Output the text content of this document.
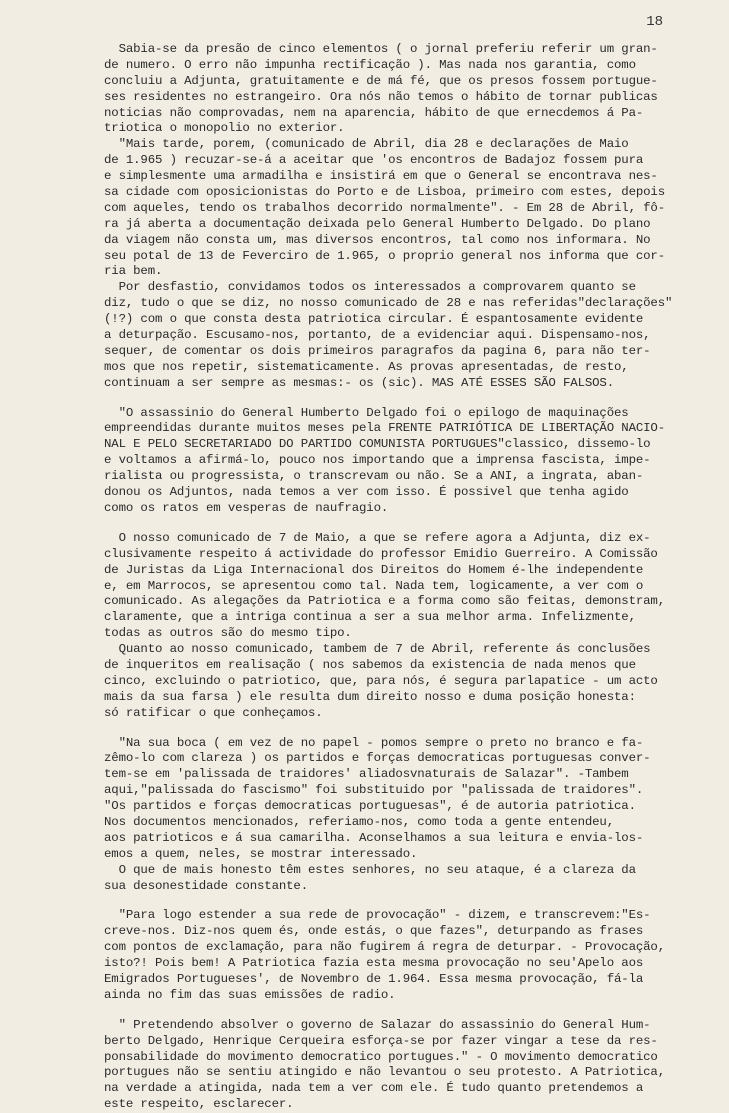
18
Sabia-se da presão de cinco elementos ( o jornal preferiu referir um gran-
de numero. O erro não impunha rectificação ). Mas nada nos garantia, como
concluiu a Adjunta, gratuitamente e de má fé, que os presos fossem portugue-
ses residentes no estrangeiro. Ora nós não temos o hábito de tornar publicas
noticias não comprovadas, nem na aparencia, hábito de que ernecdemos á Pa-
triotica o monopolio no exterior.
"Mais tarde, porem, (comunicado de Abril, dia 28 e declarações de Maio
de 1.965 ) recuzar-se-á a aceitar que 'os encontros de Badajoz fossem pura
e simplesmente uma armadilha e insistirá em que o General se encontrava nes-
sa cidade com oposicionistas do Porto e de Lisboa, primeiro com estes, depois
com aqueles, tendo os trabalhos decorrido normalmente". - Em 28 de Abril, fô-
ra já aberta a documentação deixada pelo General Humberto Delgado. Do plano
da viagem não consta um, mas diversos encontros, tal como nos informara. No
seu potal de 13 de Feverciro de 1.965, o proprio general nos informa que cor-
ria bem.
Por desfastio, convidamos todos os interessados a comprovarem quanto se
diz, tudo o que se diz, no nosso comunicado de 28 e nas referidas"declarações"
(!?) com o que consta desta patriotica circular. É espantosamente evidente
a deturpação. Escusamo-nos, portanto, de a evidenciar aqui. Dispensamo-nos,
sequer, de comentar os dois primeiros paragrafos da pagina 6, para não ter-
mos que nos repetir, sistematicamente. As provas apresentadas, de resto,
continuam a ser sempre as mesmas:- os (sic). MAS ATÉ ESSES SÃO FALSOS.
"O assassinio do General Humberto Delgado foi o epilogo de maquinações
empreendidas durante muitos meses pela FRENTE PATRIÓTICA DE LIBERTAÇÃO NACIO-
NAL E PELO SECRETARIADO DO PARTIDO COMUNISTA PORTUGUES"classico, dissemo-lo
e voltamos a afirmá-lo, pouco nos importando que a imprensa fascista, impe-
rialista ou progressista, o transcrevam ou não. Se a ANI, a ingrata, aban-
donou os Adjuntos, nada temos a ver com isso. É possivel que tenha agido
como os ratos em vesperas de naufragio.
O nosso comunicado de 7 de Maio, a que se refere agora a Adjunta, diz ex-
clusivamente respeito á actividade do professor Emidio Guerreiro. A Comissão
de Juristas da Liga Internacional dos Direitos do Homem é-lhe independente
e, em Marrocos, se apresentou como tal. Nada tem, logicamente, a ver com o
comunicado. As alegações da Patriotica e a forma como são feitas, demonstram,
claramente, que a intriga continua a ser a sua melhor arma. Infelizmente,
todas as outros são do mesmo tipo.
Quanto ao nosso comunicado, tambem de 7 de Abril, referente ás conclusões
de inqueritos em realisação ( nos sabemos da existencia de nada menos que
cinco, excluindo o patriotico, que, para nós, é segura parlapatice - um acto
mais da sua farsa ) ele resulta dum direito nosso e duma posição honesta:
só ratificar o que conheçamos.
"Na sua boca ( em vez de no papel - pomos sempre o preto no branco e fa-
zêmo-lo com clareza ) os partidos e forças democraticas portuguesas conver-
tem-se em 'palissada de traidores' aliadosvnaturais de Salazar". -Tambem
aqui,"palissada do fascismo" foi substituido por "palissada de traidores".
"Os partidos e forças democraticas portuguesas", é de autoria patriotica.
Nos documentos mencionados, referiamo-nos, como toda a gente entendeu,
aos patrioticos e á sua camarilha. Aconselhamos a sua leitura e envia-los-
emos a quem, neles, se mostrar interessado.
O que de mais honesto têm estes senhores, no seu ataque, é a clareza da
sua desonestidade constante.
"Para logo estender a sua rede de provocação" - dizem, e transcrevem:"Es-
creve-nos. Diz-nos quem és, onde estás, o que fazes", deturpando as frases
com pontos de exclamação, para não fugirem á regra de deturpar. - Provocação,
isto?! Pois bem! A Patriotica fazia esta mesma provocação no seu'Apelo aos
Emigrados Portugueses', de Novembro de 1.964. Essa mesma provocação, fá-la
ainda no fim das suas emissões de radio.
" Pretendendo absolver o governo de Salazar do assassinio do General Hum-
berto Delgado, Henrique Cerqueira esforça-se por fazer vingar a tese da res-
ponsabilidade do movimento democratico portugues." - O movimento democratico
portugues não se sentiu atingido e não levantou o seu protesto. A Patriotica,
na verdade a atingida, nada tem a ver com ele. É tudo quanto pretendemos a
este respeito, esclarecer.
